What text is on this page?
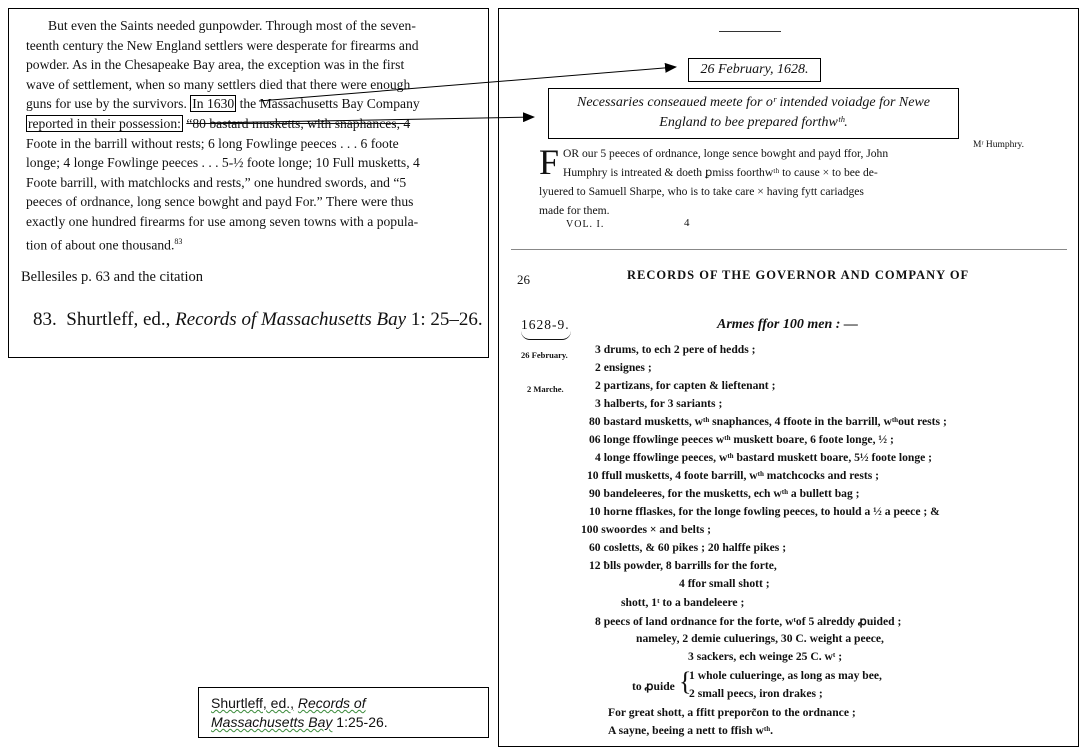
But even the Saints needed gunpowder. Through most of the seven-

teenth century the New England settlers were desperate for firearms and
powder. As in the Chesapeake Bay area, the exception was in the first
wave of settlement, when so many settlers died that there were enough
guns for use by the survivors. In 1630 the Massachusetts Bay Company
reported in their possession: “80 bastard musketts, with snaphances, 4
Foote in the barrill without rests; 6 long Fowlinge peeces . . . 6 foote
longe; 4 longe Fowlinge peeces . . . 5-½ foote longe; 10 Full musketts, 4
Foote barrill, with matchlocks and rests,” one hundred swords, and “5
peeces of ordnance, long sence bowght and payd For.” There were thus
exactly one hundred firearms for use among seven towns with a popula-
tion of about one thousand.$^{83}$
Bellesiles p. 63 and the citation
83. Shurtleff, ed., Records of Massachusetts Bay 1: 25–26.
26 February, 1628.
Necessaries conseaued meete for oʳ intended voiadge for Newe
England to bee prepared forthwᵗʰ.
F OR our 5 peeces of ordnance, longe sence bowght and payd ffor, John
Humphry is intreated & doeth ꝑmiss foorthwᵗʰ to cause × to bee de-
lyuered to Samuell Sharpe, who is to take care × having fytt cariadges
made for them.
Mʳ Humphry.
VOL. I.	4
26	RECORDS OF THE GOVERNOR AND COMPANY OF
1628-9.
26 February.
2 Marche.
Armes ffor 100 men : —
3 drums, to ech 2 pere of hedds ;
2 ensignes ;
2 partizans, for capten & lieftenant ;
3 halberts, for 3 sariants ;
80 bastard musketts, wᵗʰ snaphances, 4 ffoote in the barrill, wᵗʰout rests ;
06 longe ffowlinge peeces wᵗʰ muskett boare, 6 foote longe, ½ ;
4 longe ffowlinge peeces, wᵗʰ bastard muskett boare, 5½ foote longe ;
10 ffull musketts, 4 foote barrill, wᵗʰ matchcocks and rests ;
90 bandeleeres, for the musketts, ech wᵗʰ a bullett bag ;
10 horne fflaskes, for the longe fowling peeces, to hould a ½ a peece ; &
100 swoordes × and belts ;
60 cosletts, & 60 pikes ; 20 halffe pikes ;
12 ƀlls powder, 8 barrills for the forte,
4 ffor small shott ;
shott, 1ᵗ to a bandeleere ;
8 peecs of land ordnance for the forte, wᵗof 5 alreddy ꝓuided ;
nameley, 2 demie culuerings, 30 C. weight a peece,
3 sackers, ech weinge 25 C. wᵗ ;
to ꝓuide {
1 whole culueringe, as long as may bee,
2 small peecs, iron drakes ;
For great shott, a ffitt preporc̃on to the ordnance ;
A sayne, beeing a nett to ffish wᵗʰ.
Shurtleff, ed., Records of
Massachusetts Bay 1:25-26.
